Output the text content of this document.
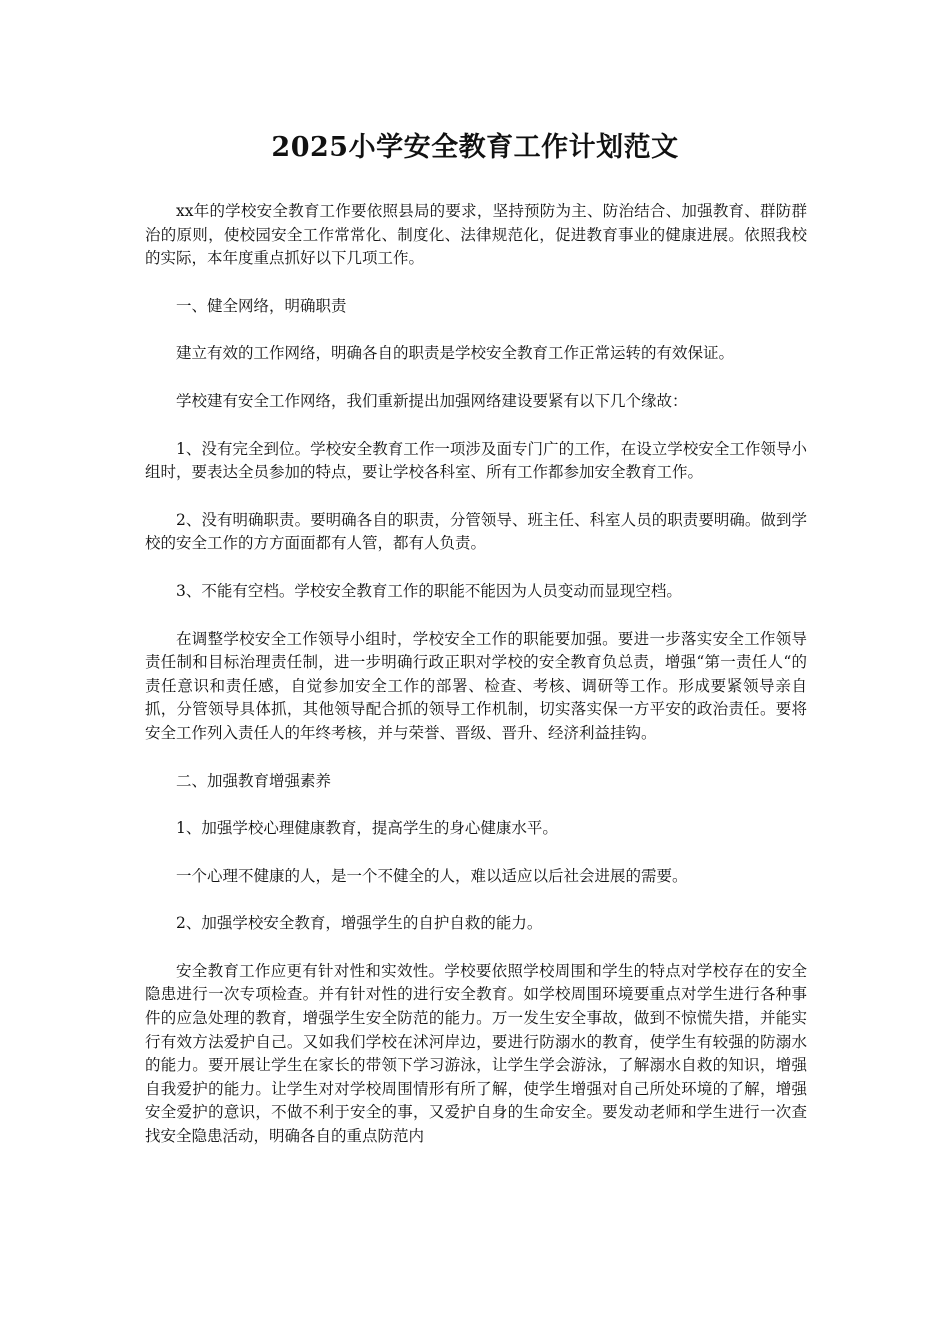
2025小学安全教育工作计划范文

xx年的学校安全教育工作要依照县局的要求，坚持预防为主、防治结合、加强教育、群防群治的原则，使校园安全工作常常化、制度化、法律规范化，促进教育事业的健康进展。依照我校的实际，本年度重点抓好以下几项工作。

一、健全网络，明确职责

建立有效的工作网络，明确各自的职责是学校安全教育工作正常运转的有效保证。

学校建有安全工作网络，我们重新提出加强网络建设要紧有以下几个缘故：

1、没有完全到位。学校安全教育工作一项涉及面专门广的工作，在设立学校安全工作领导小组时，要表达全员参加的特点，要让学校各科室、所有工作都参加安全教育工作。

2、没有明确职责。要明确各自的职责，分管领导、班主任、科室人员的职责要明确。做到学校的安全工作的方方面面都有人管，都有人负责。

3、不能有空档。学校安全教育工作的职能不能因为人员变动而显现空档。

在调整学校安全工作领导小组时，学校安全工作的职能要加强。要进一步落实安全工作领导责任制和目标治理责任制，进一步明确行政正职对学校的安全教育负总责，增强“第一责任人“的责任意识和责任感，自觉参加安全工作的部署、检查、考核、调研等工作。形成要紧领导亲自抓，分管领导具体抓，其他领导配合抓的领导工作机制，切实落实保一方平安的政治责任。要将安全工作列入责任人的年终考核，并与荣誉、晋级、晋升、经济利益挂钩。

二、加强教育增强素养

1、加强学校心理健康教育，提高学生的身心健康水平。

一个心理不健康的人，是一个不健全的人，难以适应以后社会进展的需要。

2、加强学校安全教育，增强学生的自护自救的能力。

安全教育工作应更有针对性和实效性。学校要依照学校周围和学生的特点对学校存在的安全隐患进行一次专项检查。并有针对性的进行安全教育。如学校周围环境要重点对学生进行各种事件的应急处理的教育，增强学生安全防范的能力。万一发生安全事故，做到不惊慌失措，并能实行有效方法爱护自己。又如我们学校在沭河岸边，要进行防溺水的教育，使学生有较强的防溺水的能力。要开展让学生在家长的带领下学习游泳，让学生学会游泳，了解溺水自救的知识，增强自我爱护的能力。让学生对对学校周围情形有所了解，使学生增强对自己所处环境的了解，增强安全爱护的意识，不做不利于安全的事，又爱护自身的生命安全。要发动老师和学生进行一次查找安全隐患活动，明确各自的重点防范内
